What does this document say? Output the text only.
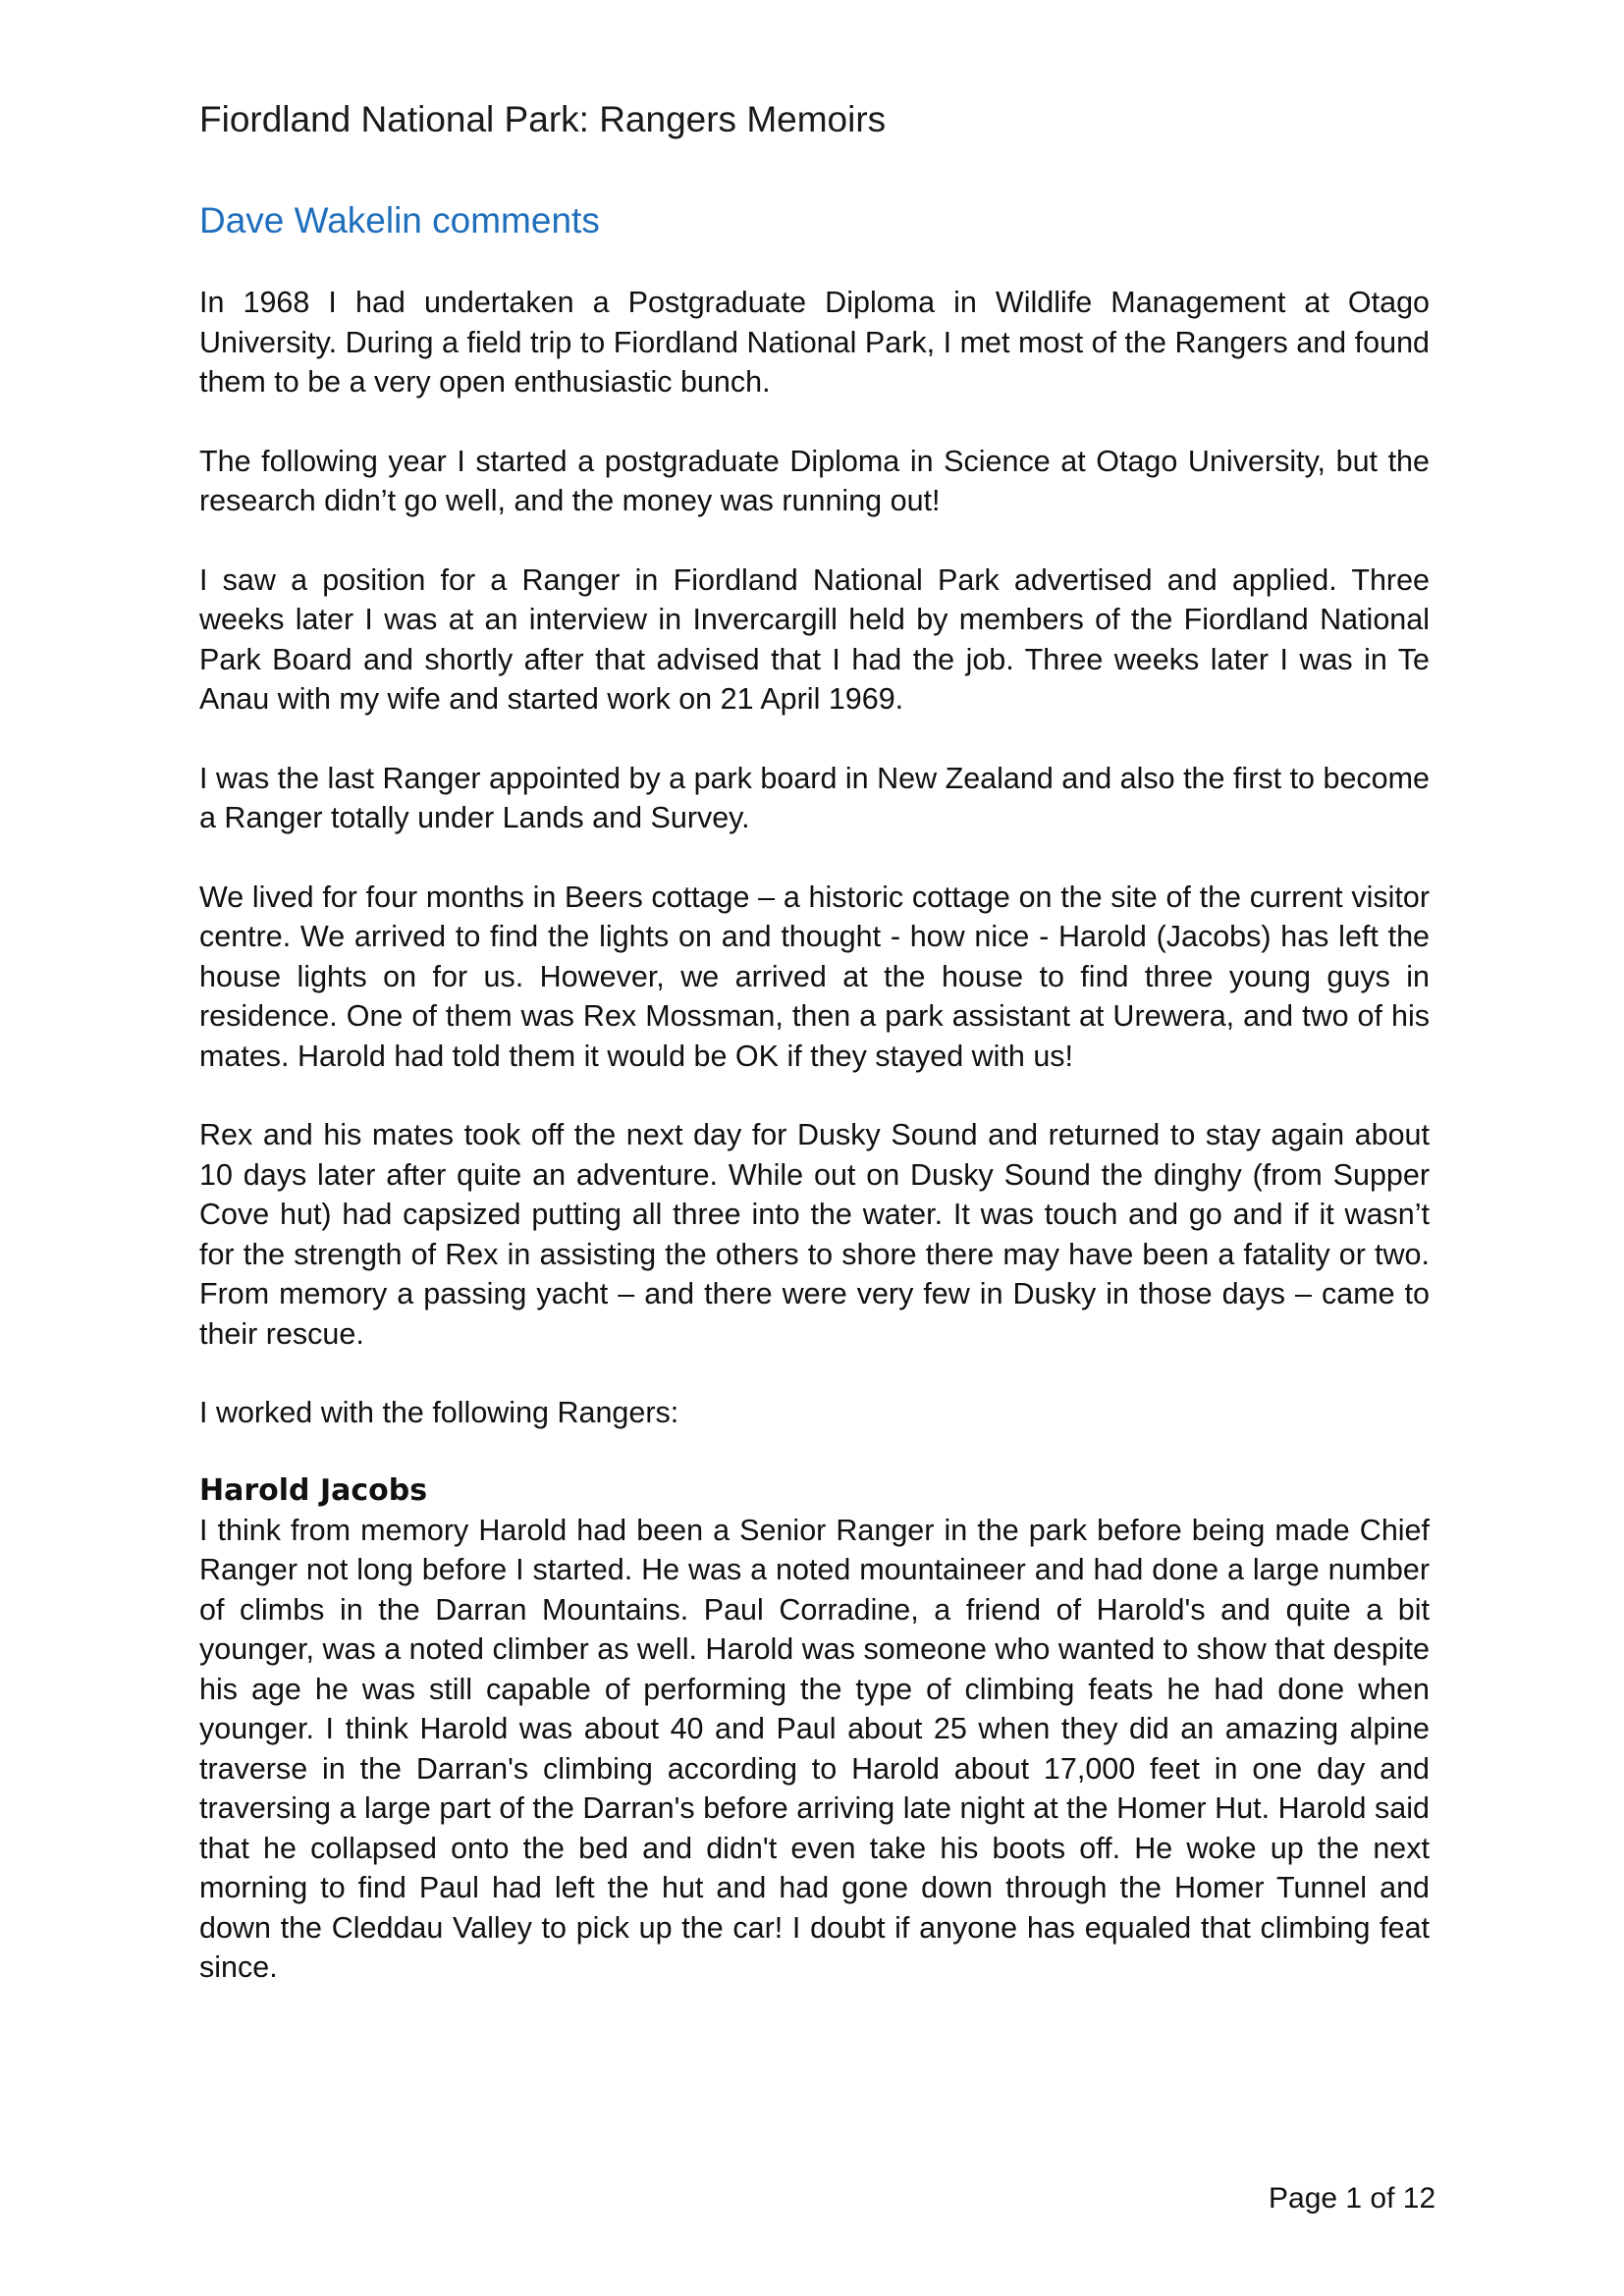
Fiordland National Park: Rangers Memoirs
Dave Wakelin comments

In 1968 I had undertaken a Postgraduate Diploma in Wildlife Management at Otago University. During a field trip to Fiordland National Park, I met most of the Rangers and found them to be a very open enthusiastic bunch.

The following year I started a postgraduate Diploma in Science at Otago University, but the research didn’t go well, and the money was running out!

I saw a position for a Ranger in Fiordland National Park advertised and applied. Three weeks later I was at an interview in Invercargill held by members of the Fiordland National Park Board and shortly after that advised that I had the job. Three weeks later I was in Te Anau with my wife and started work on 21 April 1969.

I was the last Ranger appointed by a park board in New Zealand and also the first to become a Ranger totally under Lands and Survey.

We lived for four months in Beers cottage – a historic cottage on the site of the current visitor centre. We arrived to find the lights on and thought - how nice - Harold (Jacobs) has left the house lights on for us. However, we arrived at the house to find three young guys in residence. One of them was Rex Mossman, then a park assistant at Urewera, and two of his mates. Harold had told them it would be OK if they stayed with us!

Rex and his mates took off the next day for Dusky Sound and returned to stay again about 10 days later after quite an adventure. While out on Dusky Sound the dinghy (from Supper Cove hut) had capsized putting all three into the water. It was touch and go and if it wasn’t for the strength of Rex in assisting the others to shore there may have been a fatality or two. From memory a passing yacht – and there were very few in Dusky in those days – came to their rescue.

I worked with the following Rangers:

Harold Jacobs

I think from memory Harold had been a Senior Ranger in the park before being made Chief Ranger not long before I started. He was a noted mountaineer and had done a large number of climbs in the Darran Mountains. Paul Corradine, a friend of Harold's and quite a bit younger, was a noted climber as well. Harold was someone who wanted to show that despite his age he was still capable of performing the type of climbing feats he had done when younger. I think Harold was about 40 and Paul about 25 when they did an amazing alpine traverse in the Darran's climbing according to Harold about 17,000 feet in one day and traversing a large part of the Darran's before arriving late night at the Homer Hut. Harold said that he collapsed onto the bed and didn't even take his boots off. He woke up the next morning to find Paul had left the hut and had gone down through the Homer Tunnel and down the Cleddau Valley to pick up the car! I doubt if anyone has equaled that climbing feat since.

Page 1 of 12
